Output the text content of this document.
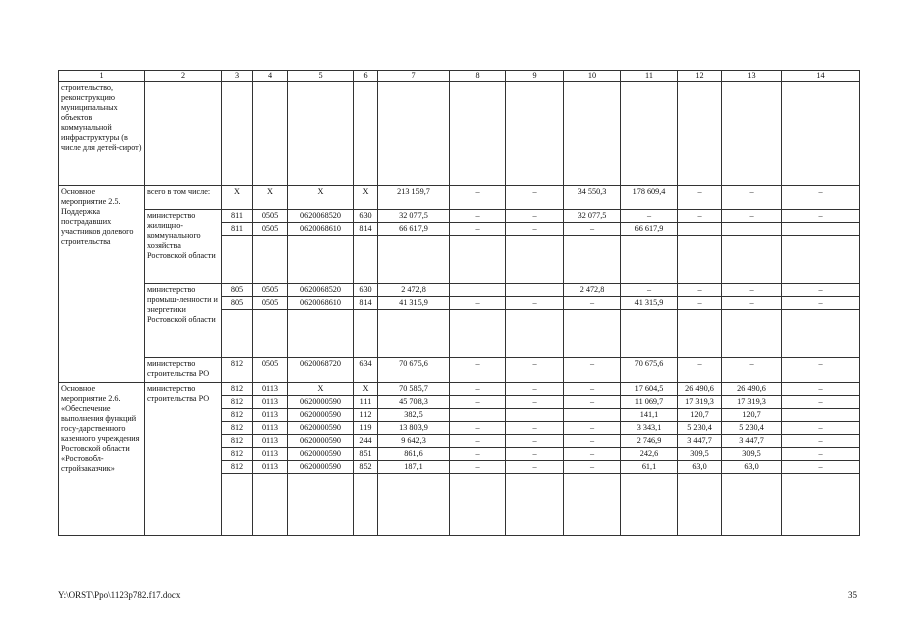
1	2	3	4	5	6	7	8	9	10	11	12	13	14
строительство, реконструкцию муниципальных объектов коммунальной инфраструктуры (в числе для детей-сирот)													
Основное мероприятие 2.5. Поддержка пострадавших участников долевого строительства	всего в том числе:	Х	Х	Х	Х	213 159,7	–	–	34 550,3	178 609,4	–	–	–
	министерство жилищно-коммунального хозяйства Ростовской области	811	0505	0620068520	630	32 077,5	–	–	32 077,5	–	–	–	–
		811	0505	0620068610	814	66 617,9	–	–	–	66 617,9			

	министерство промыш-ленности и энергетики Ростовской области	805	0505	0620068520	630	2 472,8			2 472,8	–	–	–	–
		805	0505	0620068610	814	41 315,9	–	–	–	41 315,9	–	–	–

	министерство строительства РО	812	0505	0620068720	634	70 675,6	–	–	–	70 675,6	–	–	–
Основное мероприятие 2.6. «Обеспечение выполнения функций госу-дарственного казенного учреждения Ростовской области «Ростовобл-стройзаказчик»	министерство строительства РО	812	0113	Х	Х	70 585,7	–	–	–	17 604,5	26 490,6	26 490,6	–
		812	0113	0620000590	111	45 708,3	–	–	–	11 069,7	17 319,3	17 319,3	–
		812	0113	0620000590	112	382,5				141,1	120,7	120,7	
		812	0113	0620000590	119	13 803,9	–	–	–	3 343,1	5 230,4	5 230,4	–
		812	0113	0620000590	244	9 642,3	–	–	–	2 746,9	3 447,7	3 447,7	–
		812	0113	0620000590	851	861,6	–	–	–	242,6	309,5	309,5	–
		812	0113	0620000590	852	187,1	–	–	–	61,1	63,0	63,0	–

Y:\ORST\Ppo\1123p782.f17.docx	35
